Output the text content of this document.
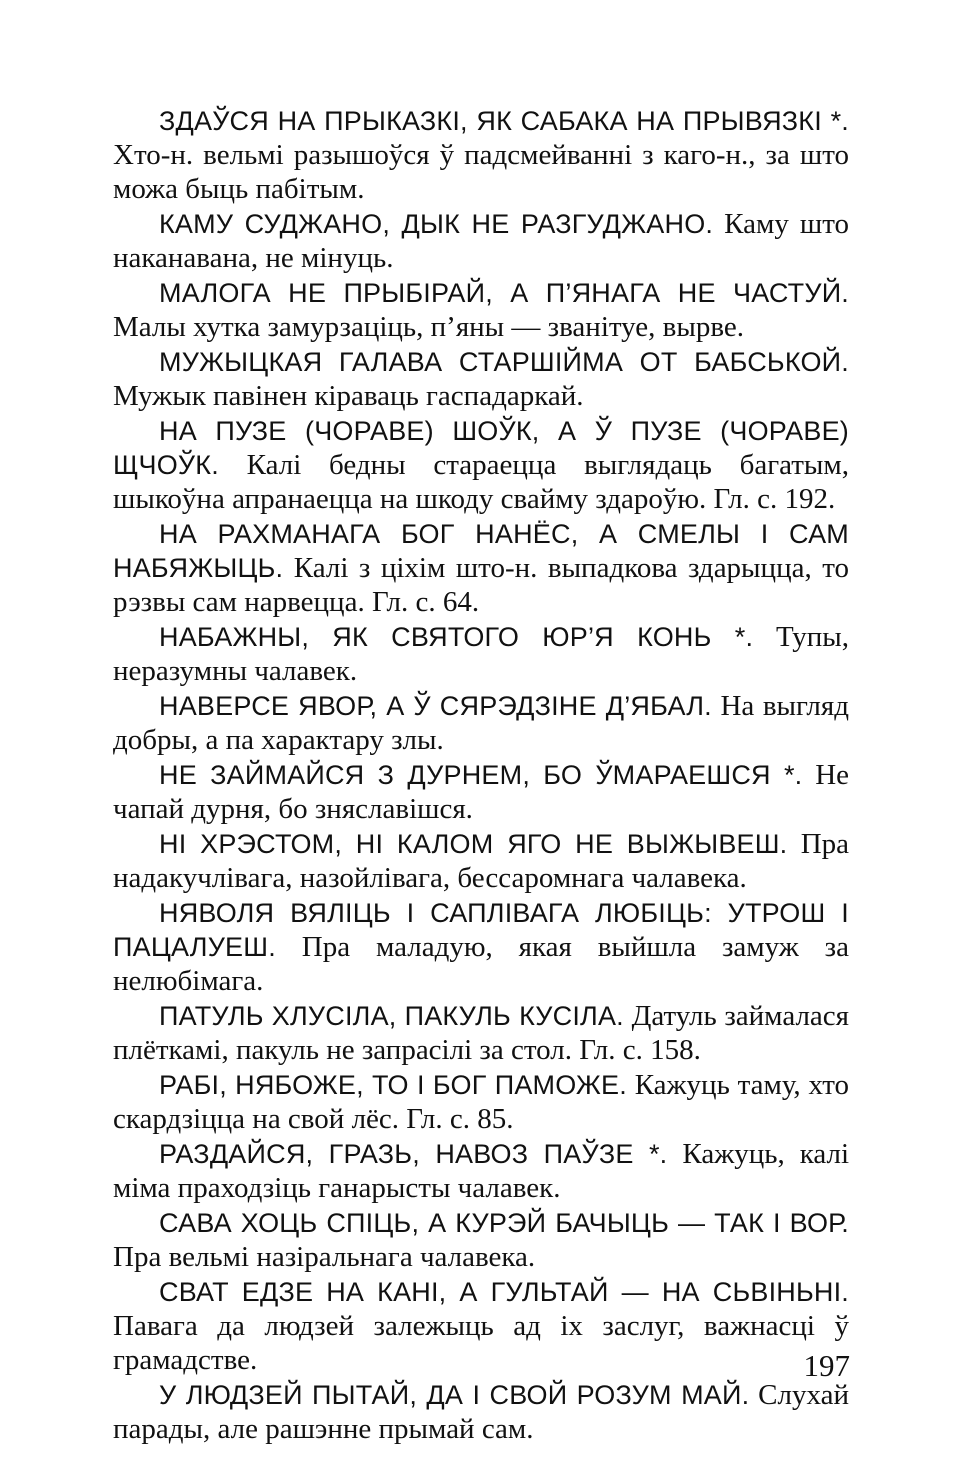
ЗДАЎСЯ НА ПРЫКАЗКІ, ЯК САБАКА НА ПРЫВЯЗКІ *. Хто-н. вельмі разышоўся ў падсмейванні з каго-н., за што можа быць пабітым.

КАМУ СУДЖАНО, ДЫК НЕ РАЗГУДЖАНО. Каму што наканавана, не мінуць.

МАЛОГА НЕ ПРЫБІРАЙ, А П’ЯНАГА НЕ ЧАСТУЙ. Малы хутка замурзаціць, п’яны — званітуе, вырве.

МУЖЫЦКАЯ ГАЛАВА СТАРШІЙМА ОТ БАБСЬКОЙ. Мужык павінен кіраваць гаспадаркай.

НА ПУЗЕ (ЧОРАВЕ) ШОЎК, А Ў ПУЗЕ (ЧОРАВЕ) ЩЧОЎК. Калі бедны стараецца выглядаць багатым, шыкоўна апранаецца на шкоду свайму здароўю. Гл. с. 192.

НА РАХМАНАГА БОГ НАНЁС, А СМЕЛЫ І САМ НАБЯЖЫЦЬ. Калі з ціхім што-н. выпадкова здарыцца, то рэзвы сам нарвецца. Гл. с. 64.

НАБАЖНЫ, ЯК СВЯТОГО ЮР’Я КОНЬ *. Тупы, неразумны чалавек.

НАВЕРСЕ ЯВОР, А Ў СЯРЭДЗІНЕ Д’ЯБАЛ. На выгляд добры, а па характару злы.

НЕ ЗАЙМАЙСЯ З ДУРНЕМ, БО ЎМАРАЕШСЯ *. Не чапай дурня, бо зняславішся.

НІ ХРЭСТОМ, НІ КАЛОМ ЯГО НЕ ВЫЖЫВЕШ. Пра надакучлівага, назойлівага, бессаромнага чалавека.

НЯВОЛЯ ВЯЛІЦЬ І САПЛІВАГА ЛЮБІЦЬ: УТРОШ І ПАЦАЛУЕШ. Пра маладую, якая выйшла замуж за нелюбімага.

ПАТУЛЬ ХЛУСІЛА, ПАКУЛЬ КУСІЛА. Датуль займалася плёткамі, пакуль не запрасілі за стол. Гл. с. 158.

РАБІ, НЯБОЖЕ, ТО І БОГ ПАМОЖЕ. Кажуць таму, хто скардзіцца на свой лёс. Гл. с. 85.

РАЗДАЙСЯ, ГРАЗЬ, НАВОЗ ПАЎЗЕ *. Кажуць, калі міма праходзіць ганарысты чалавек.

САВА ХОЦЬ СПІЦЬ, А КУРЭЙ БАЧЫЦЬ — ТАК І ВОР. Пра вельмі назіральнага чалавека.

СВАТ ЕДЗЕ НА КАНІ, А ГУЛЬТАЙ — НА СЬВІНЬНІ. Павага да людзей залежыць ад іх заслуг, важнасці ў грамадстве.

У ЛЮДЗЕЙ ПЫТАЙ, ДА І СВОЙ РОЗУМ МАЙ. Слухай парады, але рашэнне прымай сам.

197
